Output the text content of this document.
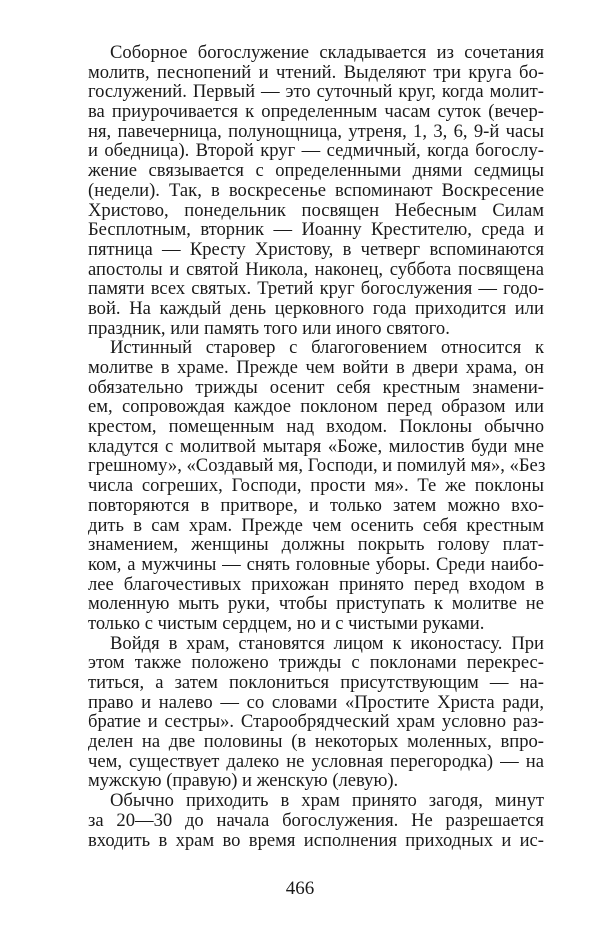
Соборное богослужение складывается из сочетания
молитв, песнопений и чтений. Выделяют три круга бо-
гослужений. Первый — это суточный круг, когда молит-
ва приурочивается к определенным часам суток (вечер-
ня, павечерница, полунощница, утреня, 1, 3, 6, 9-й часы
и обедница). Второй круг — седмичный, когда богослу-
жение связывается с определенными днями седмицы
(недели). Так, в воскресенье вспоминают Воскресение
Христово, понедельник посвящен Небесным Силам
Бесплотным, вторник — Иоанну Крестителю, среда и
пятница — Кресту Христову, в четверг вспоминаются
апостолы и святой Никола, наконец, суббота посвящена
памяти всех святых. Третий круг богослужения — годо-
вой. На каждый день церковного года приходится или
праздник, или память того или иного святого.
Истинный старовер с благоговением относится к
молитве в храме. Прежде чем войти в двери храма, он
обязательно трижды осенит себя крестным знамени-
ем, сопровождая каждое поклоном перед образом или
крестом, помещенным над входом. Поклоны обычно
кладутся с молитвой мытаря «Боже, милостив буди мне
грешному», «Создавый мя, Господи, и помилуй мя», «Без
числа согреших, Господи, прости мя». Те же поклоны
повторяются в притворе, и только затем можно вхо-
дить в сам храм. Прежде чем осенить себя крестным
знамением, женщины должны покрыть голову плат-
ком, а мужчины — снять головные уборы. Среди наибо-
лее благочестивых прихожан принято перед входом в
моленную мыть руки, чтобы приступать к молитве не
только с чистым сердцем, но и с чистыми руками.
Войдя в храм, становятся лицом к иконостасу. При
этом также положено трижды с поклонами перекрес-
титься, а затем поклониться присутствующим — на-
право и налево — со словами «Простите Христа ради,
братие и сестры». Старообрядческий храм условно раз-
делен на две половины (в некоторых моленных, впро-
чем, существует далеко не условная перегородка) — на
мужскую (правую) и женскую (левую).
Обычно приходить в храм принято загодя, минут
за 20—30 до начала богослужения. Не разрешается
входить в храм во время исполнения приходных и ис-
466
